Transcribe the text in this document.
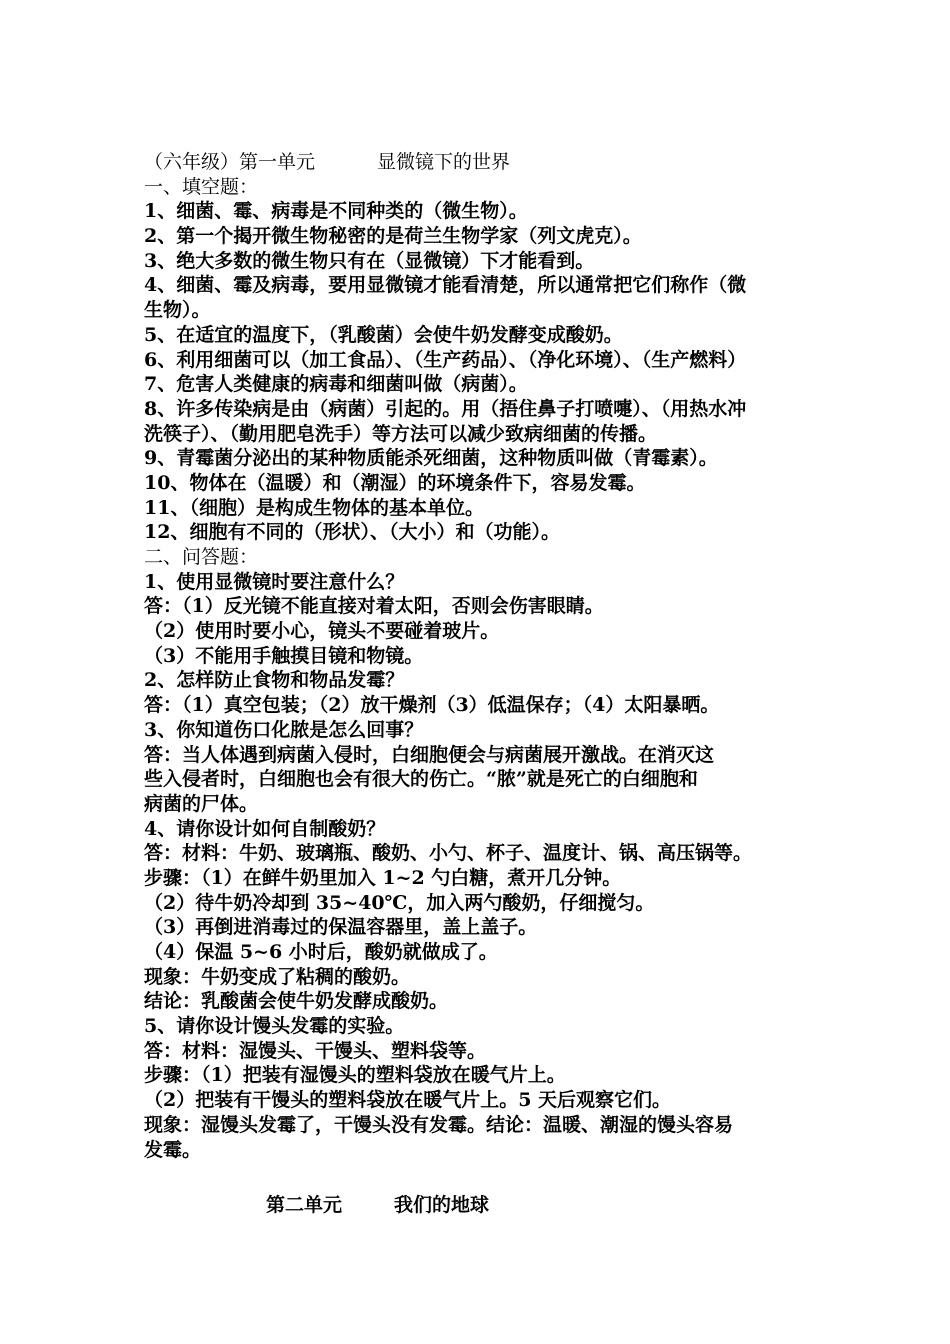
（六年级）第一单元	显微镜下的世界
一、填空题：
1、细菌、霉、病毒是不同种类的（微生物）。
2、第一个揭开微生物秘密的是荷兰生物学家（列文虎克）。
3、绝大多数的微生物只有在（显微镜）下才能看到。
4、细菌、霉及病毒，要用显微镜才能看清楚，所以通常把它们称作（微
生物）。
5、在适宜的温度下，（乳酸菌）会使牛奶发酵变成酸奶。
6、利用细菌可以（加工食品）、（生产药品）、（净化环境）、（生产燃料）
7、危害人类健康的病毒和细菌叫做（病菌）。
8、许多传染病是由（病菌）引起的。用（捂住鼻子打喷嚏）、（用热水冲
洗筷子）、（勤用肥皂洗手）等方法可以减少致病细菌的传播。
9、青霉菌分泌出的某种物质能杀死细菌，这种物质叫做（青霉素）。
10、物体在（温暖）和（潮湿）的环境条件下，容易发霉。
11、（细胞）是构成生物体的基本单位。
12、细胞有不同的（形状）、（大小）和（功能）。
二、问答题：
1、使用显微镜时要注意什么？
答：（1）反光镜不能直接对着太阳，否则会伤害眼睛。
（2）使用时要小心，镜头不要碰着玻片。
（3）不能用手触摸目镜和物镜。
2、怎样防止食物和物品发霉？
答：（1）真空包装；（2）放干燥剂（3）低温保存；（4）太阳暴晒。
3、你知道伤口化脓是怎么回事？
答：当人体遇到病菌入侵时，白细胞便会与病菌展开激战。在消灭这
些入侵者时，白细胞也会有很大的伤亡。“脓”就是死亡的白细胞和
病菌的尸体。
4、请你设计如何自制酸奶？
答：材料：牛奶、玻璃瓶、酸奶、小勺、杯子、温度计、锅、高压锅等。
步骤：（1）在鲜牛奶里加入 1~2 勺白糖，煮开几分钟。
（2）待牛奶冷却到 35~40℃，加入两勺酸奶，仔细搅匀。
（3）再倒进消毒过的保温容器里，盖上盖子。
（4）保温 5~6 小时后，酸奶就做成了。
现象：牛奶变成了粘稠的酸奶。
结论：乳酸菌会使牛奶发酵成酸奶。
5、请你设计馒头发霉的实验。
答：材料：湿馒头、干馒头、塑料袋等。
步骤：（1）把装有湿馒头的塑料袋放在暖气片上。
（2）把装有干馒头的塑料袋放在暖气片上。5 天后观察它们。
现象：湿馒头发霉了，干馒头没有发霉。结论：温暖、潮湿的馒头容易
发霉。
第二单元	我们的地球
